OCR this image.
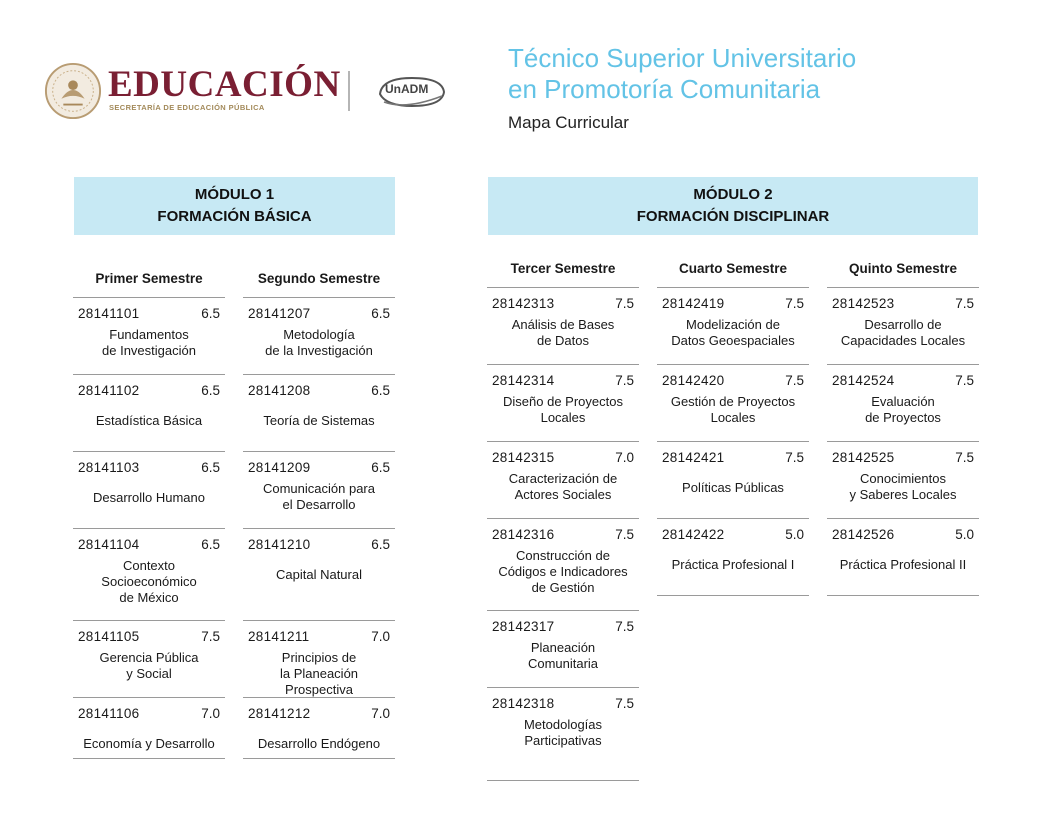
EDUCACIÓN
SECRETARÍA DE EDUCACIÓN PÚBLICA
UnADM
Técnico Superior Universitario
en Promotoría Comunitaria
Mapa Curricular
MÓDULO 1
FORMACIÓN BÁSICA
MÓDULO 2
FORMACIÓN DISCIPLINAR
Primer Semestre
28141101	6.5
Fundamentos
de Investigación
28141102	6.5
Estadística Básica
28141103	6.5
Desarrollo Humano
28141104	6.5
Contexto
Socioeconómico
de México
28141105	7.5
Gerencia Pública
y Social
28141106	7.0
Economía y Desarrollo
Segundo Semestre
28141207	6.5
Metodología
de la Investigación
28141208	6.5
Teoría de Sistemas
28141209	6.5
Comunicación para
el Desarrollo
28141210	6.5
Capital Natural
28141211	7.0
Principios de
la Planeación
Prospectiva
28141212	7.0
Desarrollo Endógeno
Tercer Semestre
28142313	7.5
Análisis de Bases
de Datos
28142314	7.5
Diseño de Proyectos
Locales
28142315	7.0
Caracterización de
Actores Sociales
28142316	7.5
Construcción de
Códigos e Indicadores
de Gestión
28142317	7.5
Planeación
Comunitaria
28142318	7.5
Metodologías
Participativas
Cuarto Semestre
28142419	7.5
Modelización de
Datos Geoespaciales
28142420	7.5
Gestión de Proyectos
Locales
28142421	7.5
Políticas Públicas
28142422	5.0
Práctica Profesional I
Quinto Semestre
28142523	7.5
Desarrollo de
Capacidades Locales
28142524	7.5
Evaluación
de Proyectos
28142525	7.5
Conocimientos
y Saberes Locales
28142526	5.0
Práctica Profesional II
